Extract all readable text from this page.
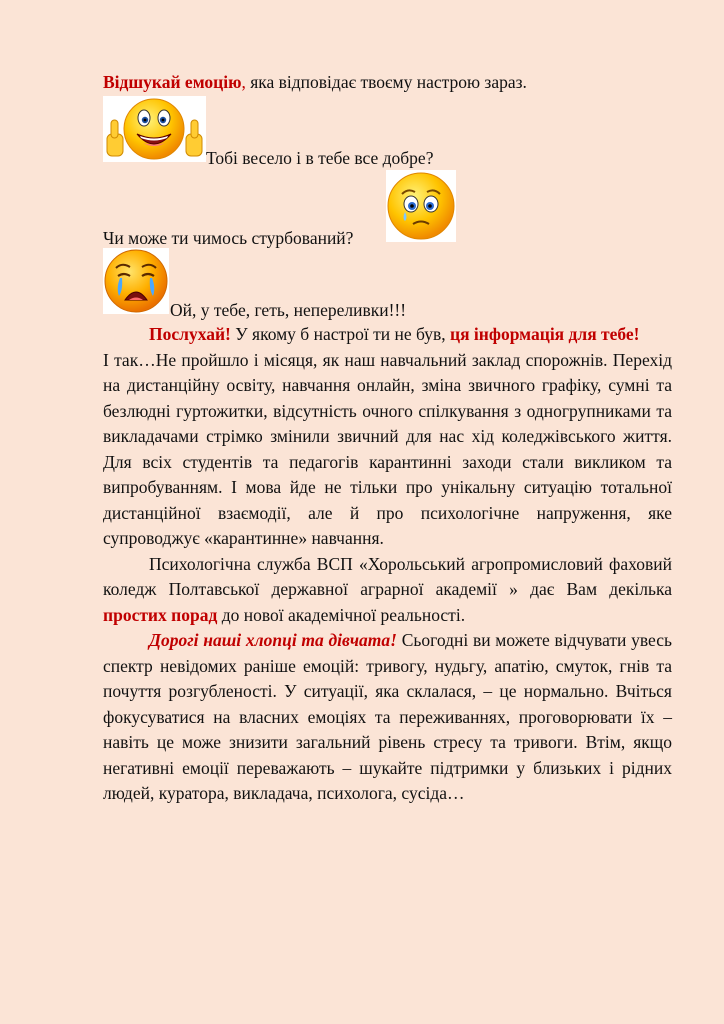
Відшукай емоцію, яка відповідає твоєму настрою зараз.

Тобі весело і в тебе все добре?

Чи може ти чимось стурбований?

Ой, у тебе, геть, непереливки!!!

Послухай! У якому б настрої ти не був, ця інформація для тебе!

І так…Не пройшло і місяця, як наш навчальний заклад спорожнів. Перехід на дистанційну освіту, навчання онлайн, зміна звичного графіку, сумні та безлюдні гуртожитки, відсутність очного спілкування з одногрупниками та викладачами стрімко змінили звичний для нас хід коледжівського життя. Для всіх студентів та педагогів карантинні заходи стали викликом та випробуванням. І мова йде не тільки про унікальну ситуацію тотальної дистанційної взаємодії, але й про психологічне напруження, яке супроводжує «карантинне» навчання.

Психологічна служба ВСП «Хорольський агропромисловий фаховий коледж Полтавської державної аграрної академії » дає Вам декілька простих порад до нової академічної реальності.

Дорогі наші хлопці та дівчата! Сьогодні ви можете відчувати увесь спектр невідомих раніше емоцій: тривогу, нудьгу, апатію, смуток, гнів та почуття розгубленості. У ситуації, яка склалася, – це нормально. Вчіться фокусуватися на власних емоціях та переживаннях, проговорювати їх – навіть це може знизити загальний рівень стресу та тривоги. Втім, якщо негативні емоції переважають – шукайте підтримки у близьких і рідних людей, куратора, викладача, психолога, сусіда…
